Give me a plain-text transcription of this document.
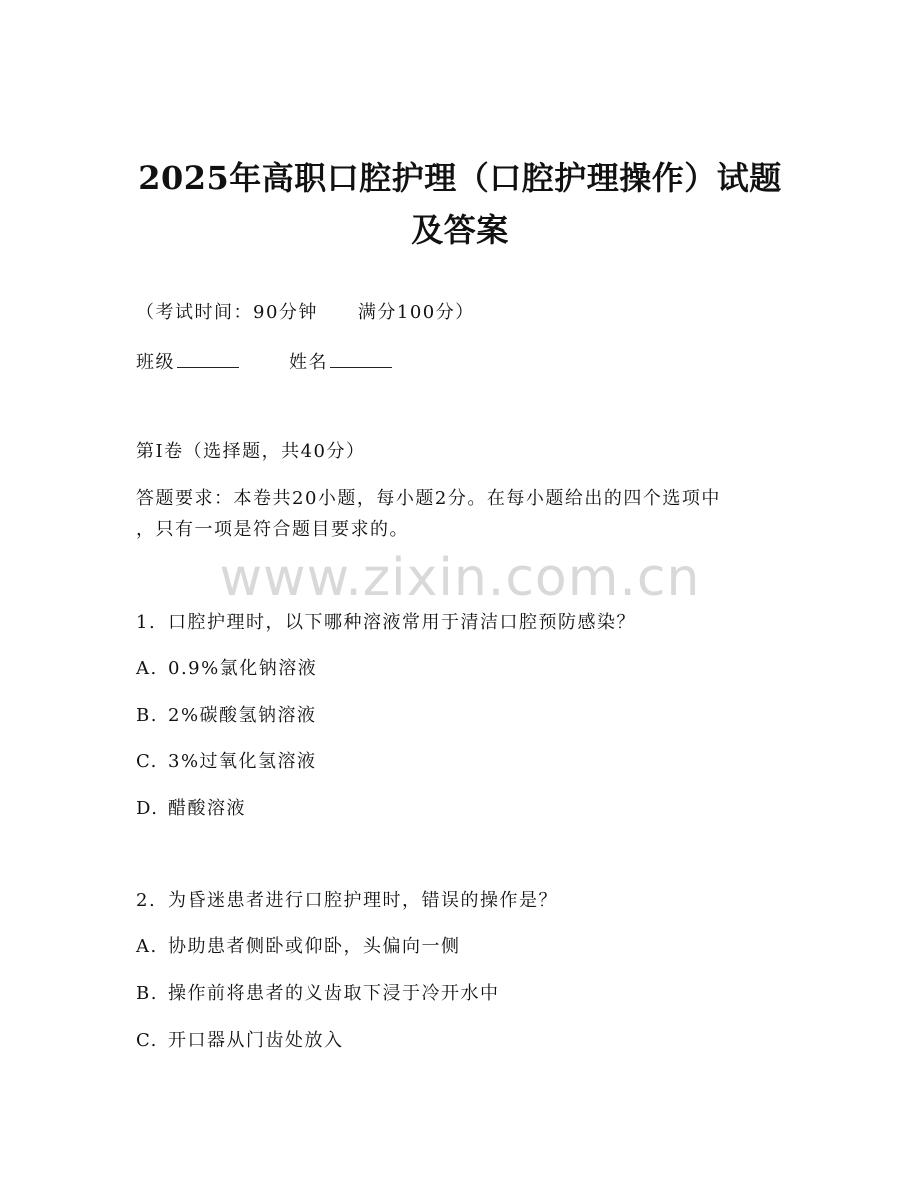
2025年高职口腔护理（口腔护理操作）试题
及答案
（考试时间：90分钟 满分100分）
班级	姓名
第Ⅰ卷（选择题，共40分）
答题要求：本卷共20小题，每小题2分。在每小题给出的四个选项中
，只有一项是符合题目要求的。
www.zixin.com.cn
1. 口腔护理时，以下哪种溶液常用于清洁口腔预防感染？
A. 0.9%氯化钠溶液
B. 2%碳酸氢钠溶液
C. 3%过氧化氢溶液
D. 醋酸溶液
2. 为昏迷患者进行口腔护理时，错误的操作是？
A. 协助患者侧卧或仰卧，头偏向一侧
B. 操作前将患者的义齿取下浸于冷开水中
C. 开口器从门齿处放入
